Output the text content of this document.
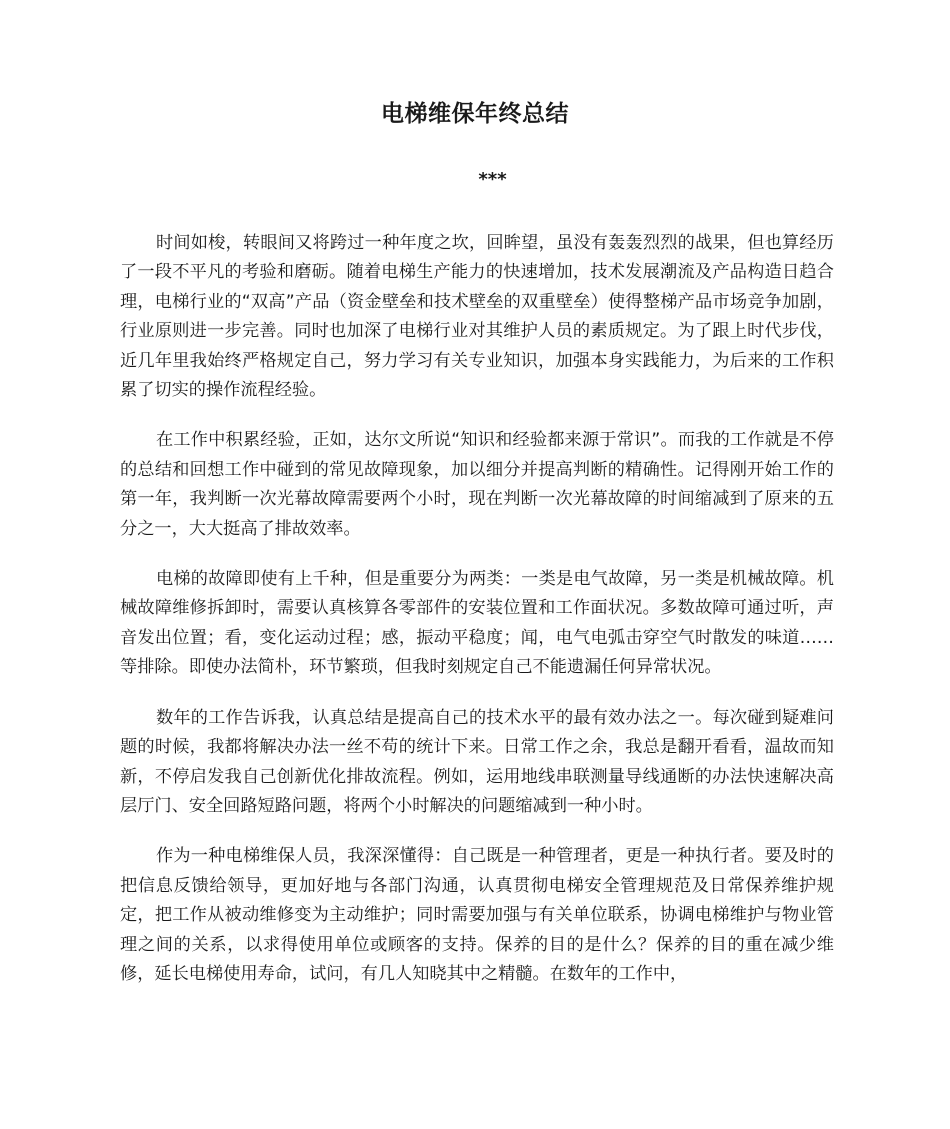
电梯维保年终总结
***

时间如梭，转眼间又将跨过一种年度之坎，回眸望，虽没有轰轰烈烈的战果，但也算经历了一段不平凡的考验和磨砺。随着电梯生产能力的快速增加，技术发展潮流及产品构造日趋合理，电梯行业的“双高”产品（资金壁垒和技术壁垒的双重壁垒）使得整梯产品市场竞争加剧，行业原则进一步完善。同时也加深了电梯行业对其维护人员的素质规定。为了跟上时代步伐，近几年里我始终严格规定自己，努力学习有关专业知识，加强本身实践能力，为后来的工作积累了切实的操作流程经验。

在工作中积累经验，正如，达尔文所说“知识和经验都来源于常识”。而我的工作就是不停的总结和回想工作中碰到的常见故障现象，加以细分并提高判断的精确性。记得刚开始工作的第一年，我判断一次光幕故障需要两个小时，现在判断一次光幕故障的时间缩减到了原来的五分之一，大大挺高了排故效率。

电梯的故障即使有上千种，但是重要分为两类：一类是电气故障，另一类是机械故障。机械故障维修拆卸时，需要认真核算各零部件的安装位置和工作面状况。多数故障可通过听，声音发出位置；看，变化运动过程；感，振动平稳度；闻，电气电弧击穿空气时散发的味道……等排除。即使办法简朴，环节繁琐，但我时刻规定自己不能遗漏任何异常状况。

数年的工作告诉我，认真总结是提高自己的技术水平的最有效办法之一。每次碰到疑难问题的时候，我都将解决办法一丝不苟的统计下来。日常工作之余，我总是翻开看看，温故而知新，不停启发我自己创新优化排故流程。例如，运用地线串联测量导线通断的办法快速解决高层厅门、安全回路短路问题，将两个小时解决的问题缩减到一种小时。

作为一种电梯维保人员，我深深懂得：自己既是一种管理者，更是一种执行者。要及时的把信息反馈给领导，更加好地与各部门沟通，认真贯彻电梯安全管理规范及日常保养维护规定，把工作从被动维修变为主动维护；同时需要加强与有关单位联系，协调电梯维护与物业管理之间的关系，以求得使用单位或顾客的支持。保养的目的是什么？保养的目的重在减少维修，延长电梯使用寿命，试问，有几人知晓其中之精髓。在数年的工作中，
